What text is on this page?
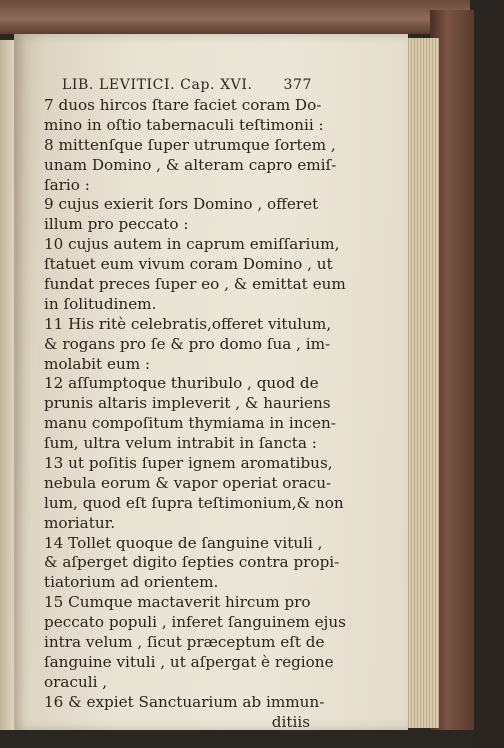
LIB. LEVITICI. Cap. XVI. 377
7 duos hircos ſtare faciet coram Do-
mino in oſtio tabernaculi teſtimonii :
8 mittenſque ſuper utrumque ſortem ,
unam Domino , & alteram capro emiſ-
ſario :
9 cujus exierit ſors Domino , offeret
illum pro peccato :
10 cujus autem in caprum emiſſarium,
ſtatuet eum vivum coram Domino , ut
fundat preces ſuper eo , & emittat eum
in ſolitudinem.
11 His ritè celebratis,offeret vitulum,
& rogans pro ſe & pro domo ſua , im-
molabit eum :
12 aſſumptoque thuribulo , quod de
prunis altaris impleverit , & hauriens
manu compoſitum thymiama in incen-
ſum, ultra velum intrabit in ſancta :
13 ut poſitis ſuper ignem aromatibus,
nebula eorum & vapor operiat oracu-
lum, quod eſt ſupra teſtimonium,& non
moriatur.
14 Tollet quoque de ſanguine vituli ,
& aſperget digito ſepties contra propi-
tiatorium ad orientem.
15 Cumque mactaverit hircum pro
peccato populi , inferet ſanguinem ejus
intra velum , ſicut præceptum eſt de
ſanguine vituli , ut aſpergat è regione
oraculi ,
16 & expiet Sanctuarium ab immun-
ditiis
